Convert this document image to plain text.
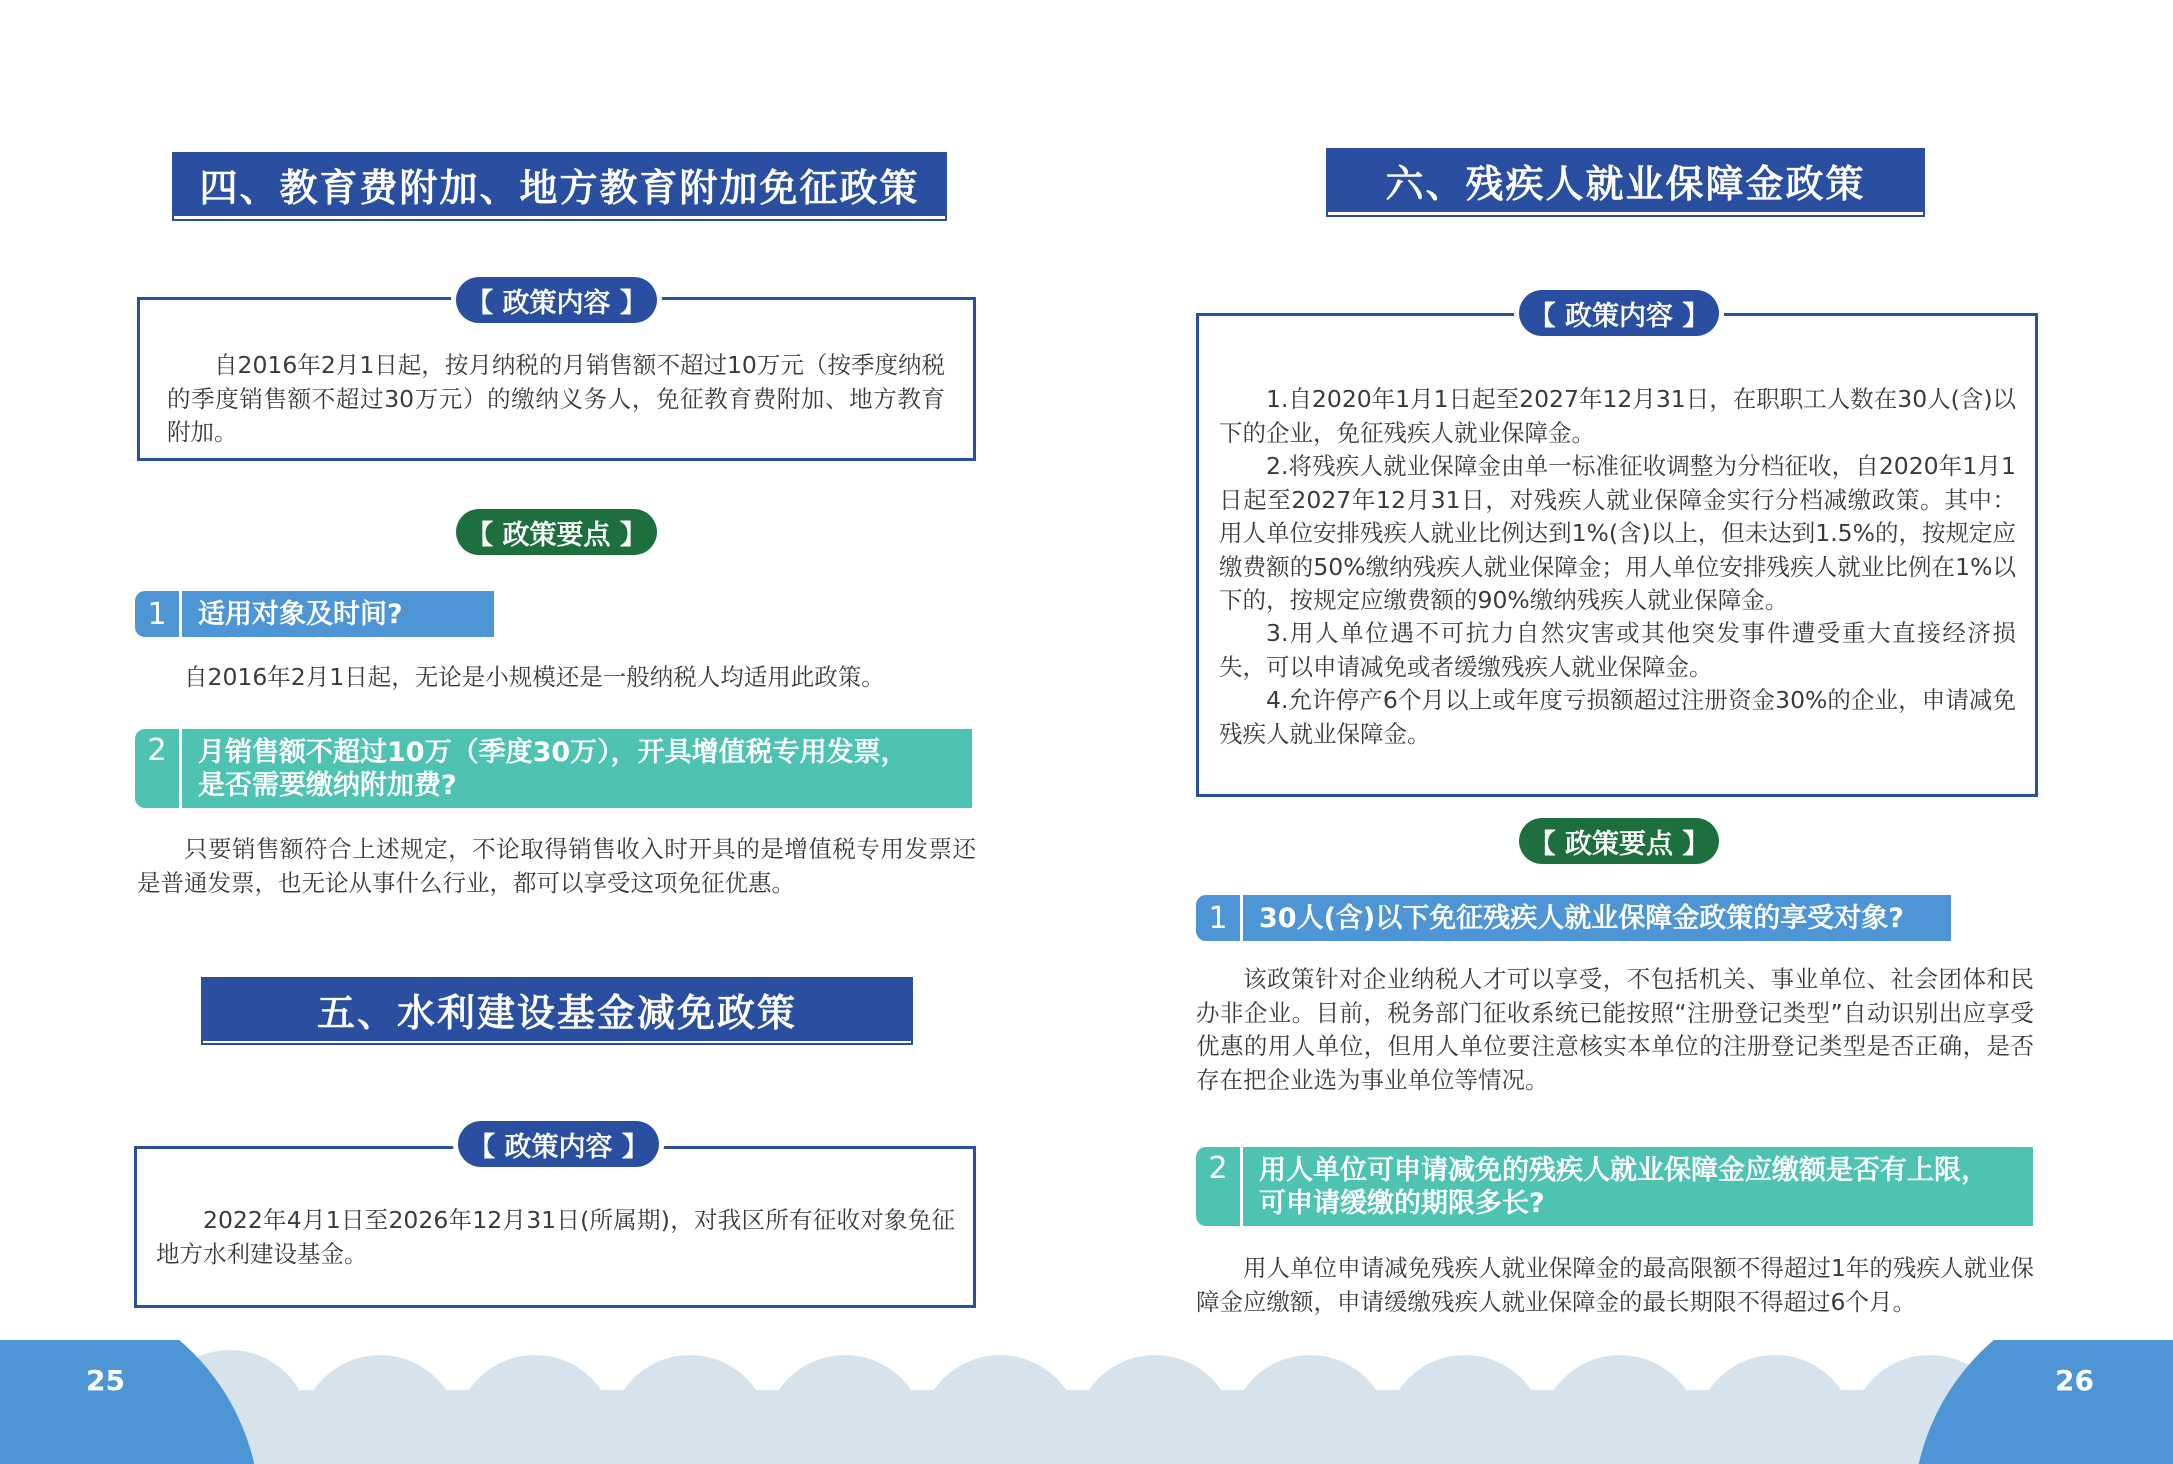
四、教育费附加、地方教育附加免征政策
【 政策内容 】
自2016年2月1日起，按月纳税的月销售额不超过10万元（按季度纳税的季度销售额不超过30万元）的缴纳义务人，免征教育费附加、地方教育附加。
【 政策要点 】
1	适用对象及时间?
自2016年2月1日起，无论是小规模还是一般纳税人均适用此政策。
2	月销售额不超过10万（季度30万），开具增值税专用发票，
是否需要缴纳附加费?
只要销售额符合上述规定，不论取得销售收入时开具的是增值税专用发票还是普通发票，也无论从事什么行业，都可以享受这项免征优惠。
五、水利建设基金减免政策
【 政策内容 】
2022年4月1日至2026年12月31日(所属期)，对我区所有征收对象免征地方水利建设基金。
六、残疾人就业保障金政策
【 政策内容 】
1.自2020年1月1日起至2027年12月31日，在职职工人数在30人(含)以下的企业，免征残疾人就业保障金。
2.将残疾人就业保障金由单一标准征收调整为分档征收，自2020年1月1日起至2027年12月31日，对残疾人就业保障金实行分档减缴政策。其中：用人单位安排残疾人就业比例达到1%(含)以上，但未达到1.5%的，按规定应缴费额的50%缴纳残疾人就业保障金；用人单位安排残疾人就业比例在1%以下的，按规定应缴费额的90%缴纳残疾人就业保障金。
3.用人单位遇不可抗力自然灾害或其他突发事件遭受重大直接经济损失，可以申请减免或者缓缴残疾人就业保障金。
4.允许停产6个月以上或年度亏损额超过注册资金30%的企业，申请减免残疾人就业保障金。
【 政策要点 】
1	30人(含)以下免征残疾人就业保障金政策的享受对象?
该政策针对企业纳税人才可以享受，不包括机关、事业单位、社会团体和民办非企业。目前，税务部门征收系统已能按照“注册登记类型”自动识别出应享受优惠的用人单位，但用人单位要注意核实本单位的注册登记类型是否正确，是否存在把企业选为事业单位等情况。
2	用人单位可申请减免的残疾人就业保障金应缴额是否有上限，
可申请缓缴的期限多长?
用人单位申请减免残疾人就业保障金的最高限额不得超过1年的残疾人就业保障金应缴额，申请缓缴残疾人就业保障金的最长期限不得超过6个月。
25	26
